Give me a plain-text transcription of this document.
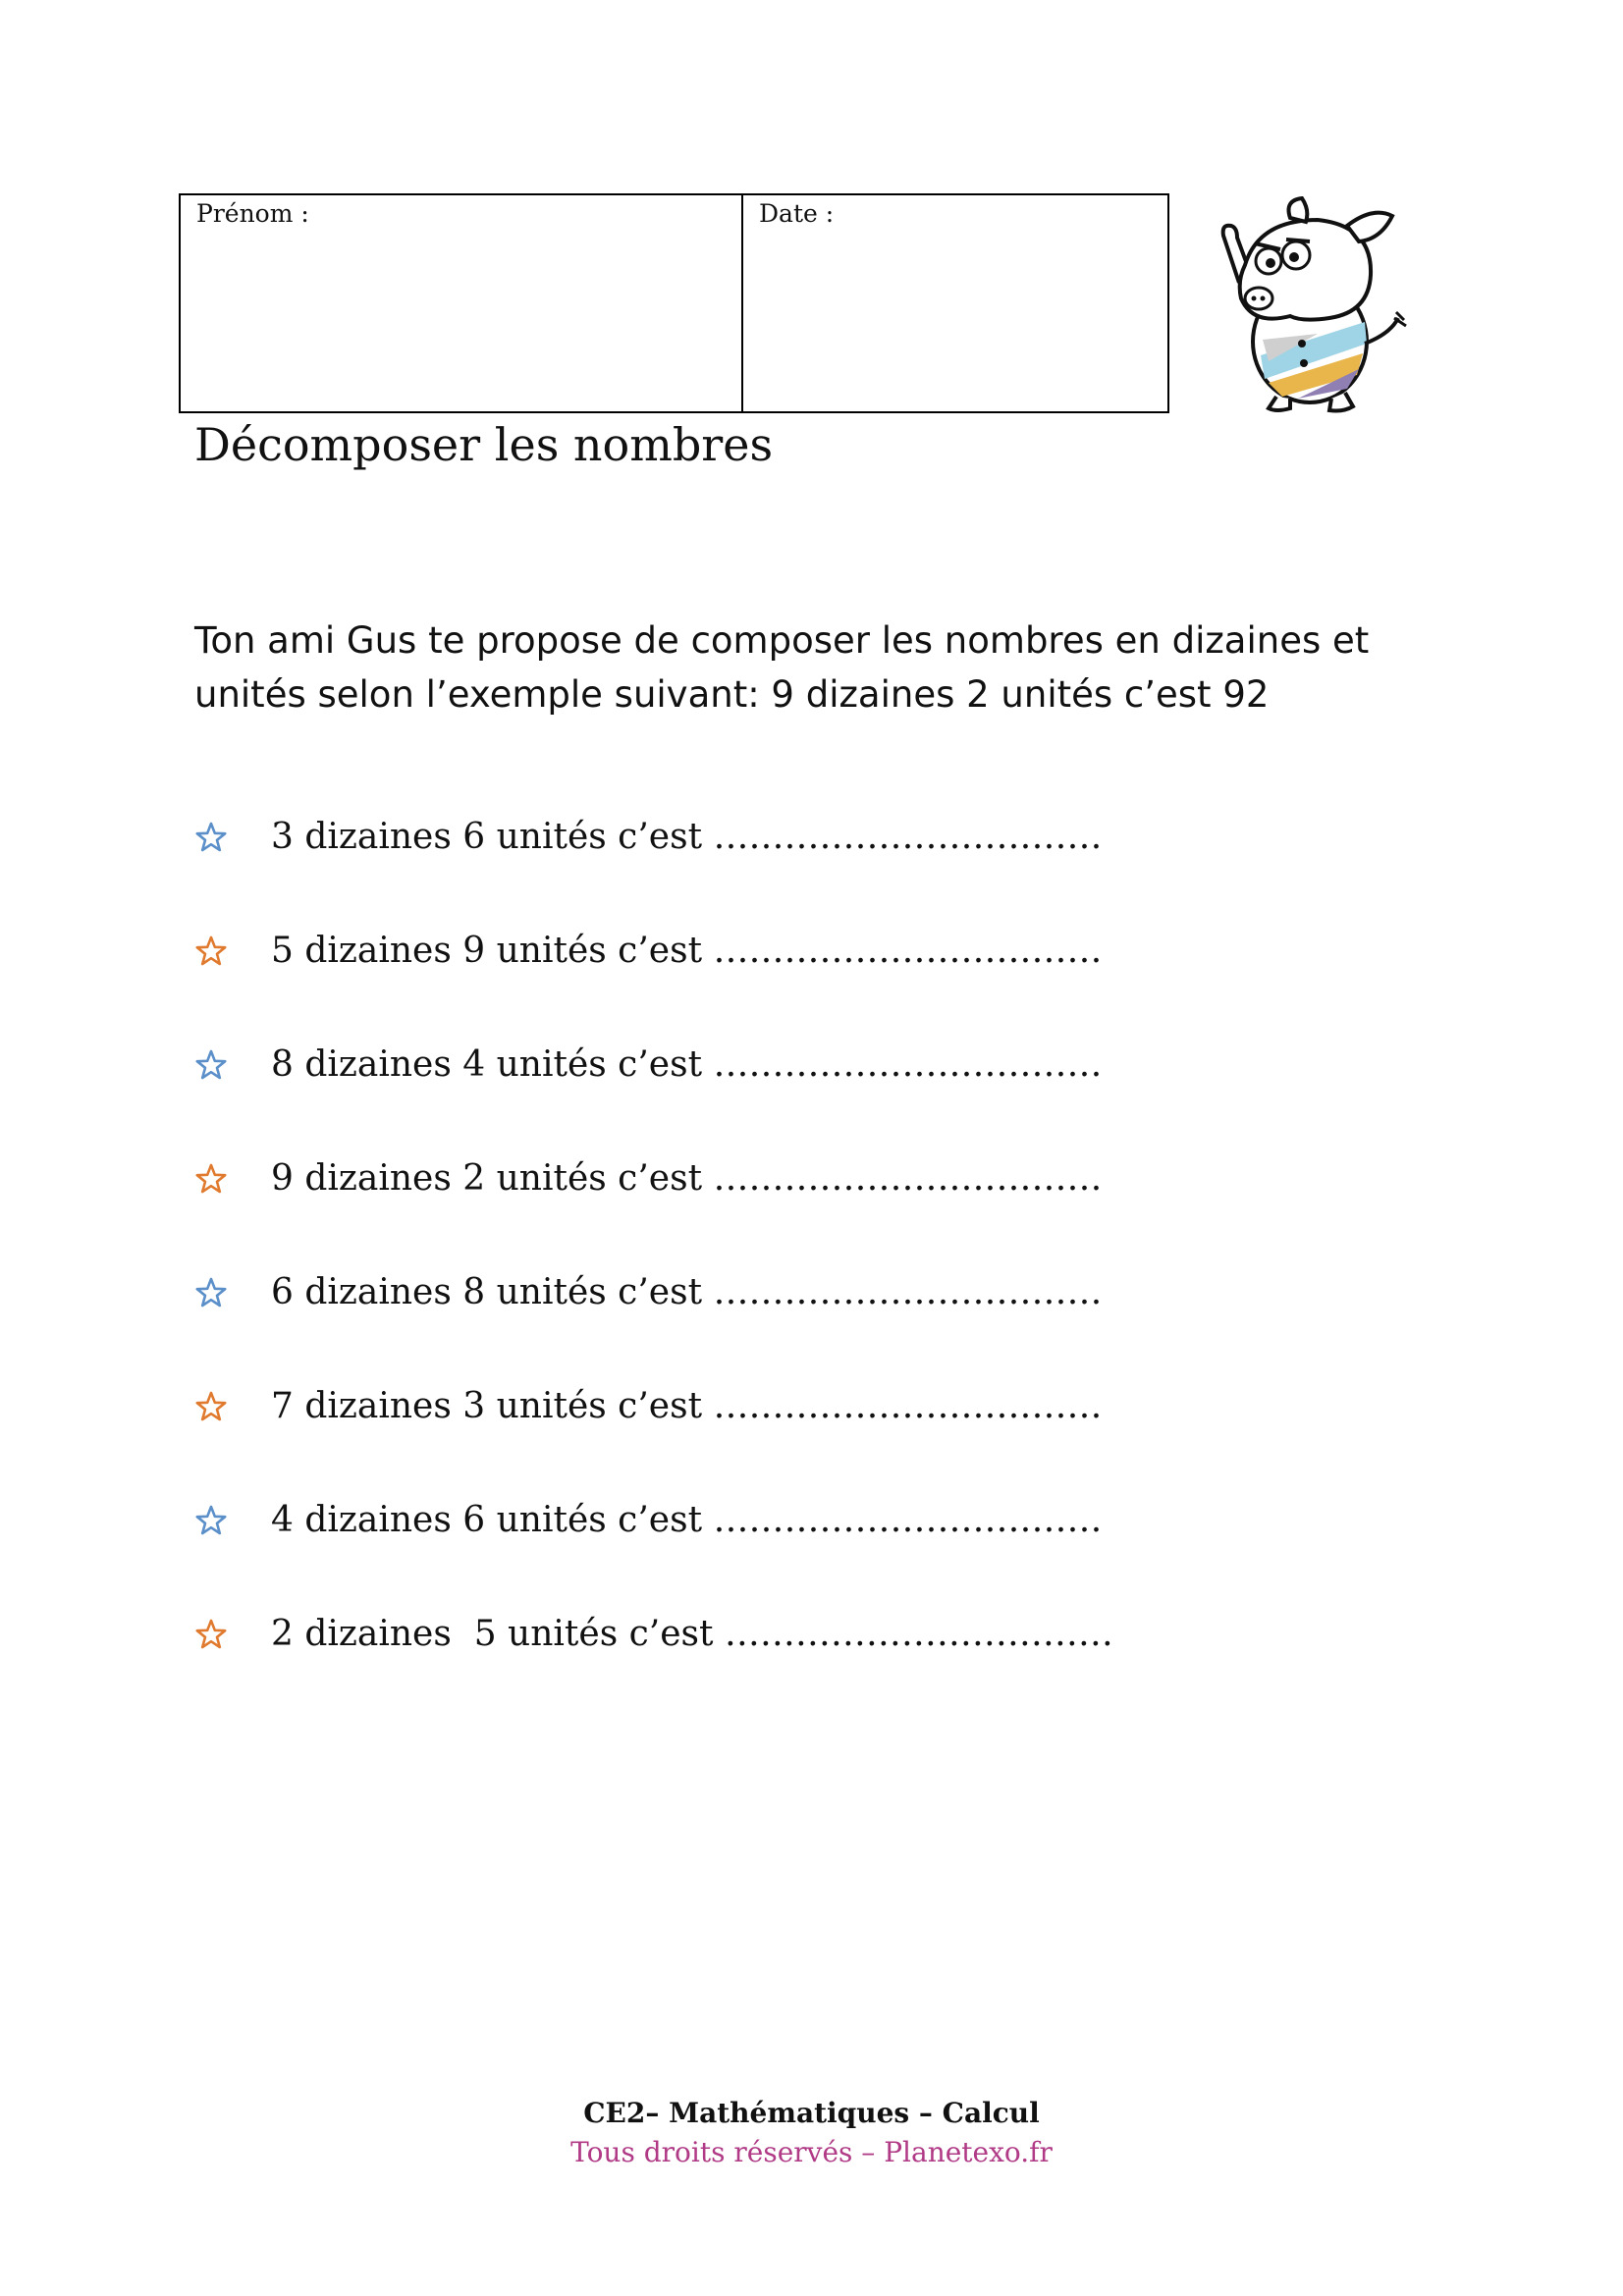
Prénom :	Date :
Décomposer les nombres

Ton ami Gus te propose de composer les nombres en dizaines et
unités selon l’exemple suivant: 9 dizaines 2 unités c’est 92

3 dizaines 6 unités c’est ……………………………
5 dizaines 9 unités c’est ……………………………
8 dizaines 4 unités c’est ……………………………
9 dizaines 2 unités c’est ……………………………
6 dizaines 8 unités c’est ……………………………
7 dizaines 3 unités c’est ……………………………
4 dizaines 6 unités c’est ……………………………
2 dizaines  5 unités c’est ……………………………
CE2– Mathématiques – Calcul
Tous droits réservés – Planetexo.fr
